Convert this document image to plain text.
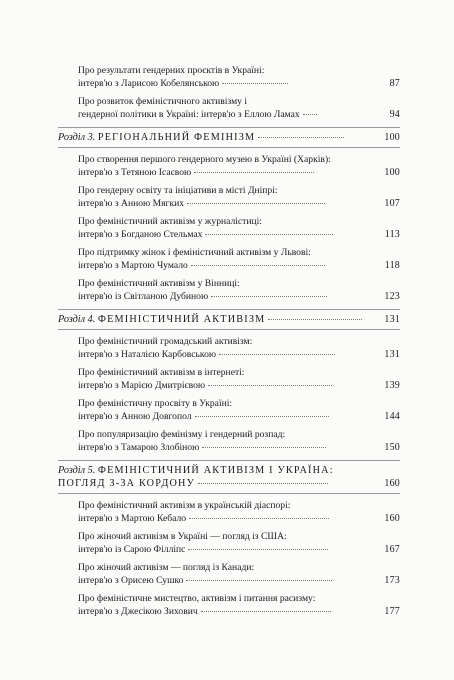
Про результати гендерних проєктів в Україні:
інтерв'ю з Ларисою Кобелянською	87
Про розвиток феміністичного активізму і
гендерної політики в Україні: інтерв'ю з Еллою Ламах	94
Розділ 3. РЕГІОНАЛЬНИЙ ФЕМІНІЗМ	100
Про створення першого гендерного музею в Україні (Харків):
інтерв'ю з Тетяною Ісаєвою	100
Про гендерну освіту та ініціативи в місті Дніпрі:
інтерв'ю з Анною Мягких	107
Про феміністичний активізм у журналістиці:
інтерв'ю з Богданою Стельмах	113
Про підтримку жінок і феміністичний активізм у Львові:
інтерв'ю з Мартою Чумало	118
Про феміністичний активізм у Вінниці:
інтерв'ю із Світланою Дубиною	123
Розділ 4. ФЕМІНІСТИЧНИЙ АКТИВІЗМ	131
Про феміністичний громадський активізм:
інтерв'ю з Наталією Карбовською	131
Про феміністичний активізм в інтернеті:
інтерв'ю з Марією Дмитрієвою	139
Про феміністичну просвіту в Україні:
інтерв'ю з Анною Довгопол	144
Про популяризацію фемінізму і гендерний розпад:
інтерв'ю з Тамарою Злобіною	150
Розділ 5. ФЕМІНІСТИЧНИЙ АКТИВІЗМ І УКРАЇНА:
ПОГЛЯД З-ЗА КОРДОНУ	160
Про феміністичний активізм в українській діаспорі:
інтерв'ю з Мартою Кебало	160
Про жіночий активізм в Україні — погляд із США:
інтерв'ю із Сарою Філліпс	167
Про жіночий активізм — погляд із Канади:
інтерв'ю з Орисею Сушко	173
Про феміністичне мистецтво, активізм і питання расизму:
інтерв'ю з Джесікою Зихович	177
